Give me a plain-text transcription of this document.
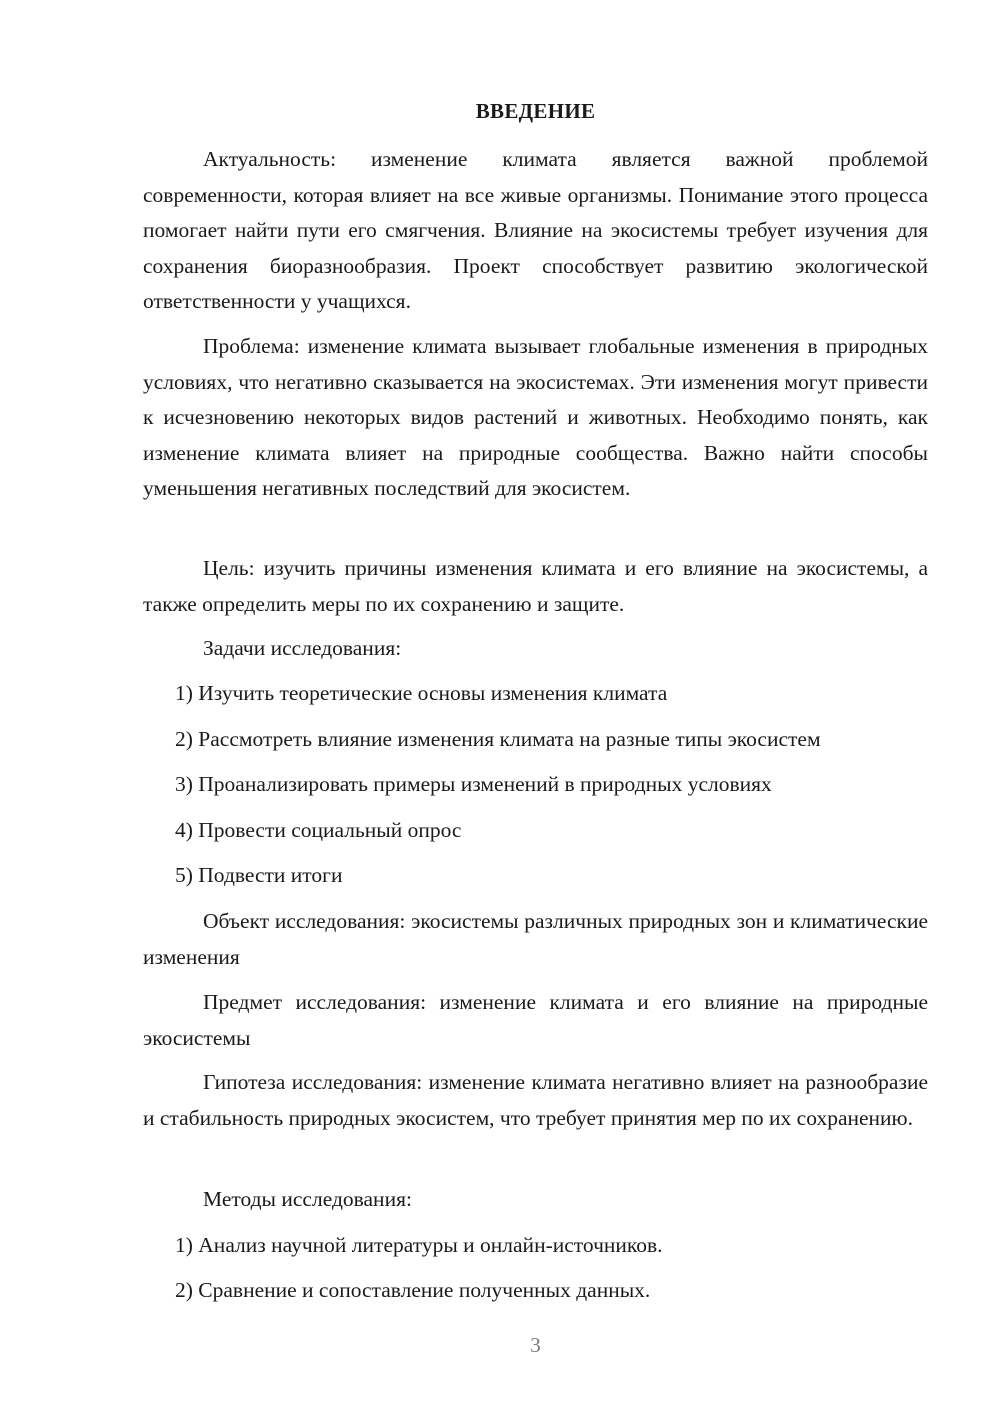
ВВЕДЕНИЕ

Актуальность: изменение климата является важной проблемой современности, которая влияет на все живые организмы. Понимание этого процесса помогает найти пути его смягчения. Влияние на экосистемы требует изучения для сохранения биоразнообразия. Проект способствует развитию экологической ответственности у учащихся.

Проблема: изменение климата вызывает глобальные изменения в природных условиях, что негативно сказывается на экосистемах. Эти изменения могут привести к исчезновению некоторых видов растений и животных. Необходимо понять, как изменение климата влияет на природные сообщества. Важно найти способы уменьшения негативных последствий для экосистем.

Цель: изучить причины изменения климата и его влияние на экосистемы, а также определить меры по их сохранению и защите.

Задачи исследования:

1) Изучить теоретические основы изменения климата

2) Рассмотреть влияние изменения климата на разные типы экосистем

3) Проанализировать примеры изменений в природных условиях

4) Провести социальный опрос

5) Подвести итоги

Объект исследования: экосистемы различных природных зон и климатические изменения

Предмет исследования: изменение климата и его влияние на природные экосистемы

Гипотеза исследования: изменение климата негативно влияет на разнообразие и стабильность природных экосистем, что требует принятия мер по их сохранению.

Методы исследования:

1) Анализ научной литературы и онлайн-источников.

2) Сравнение и сопоставление полученных данных.

3
